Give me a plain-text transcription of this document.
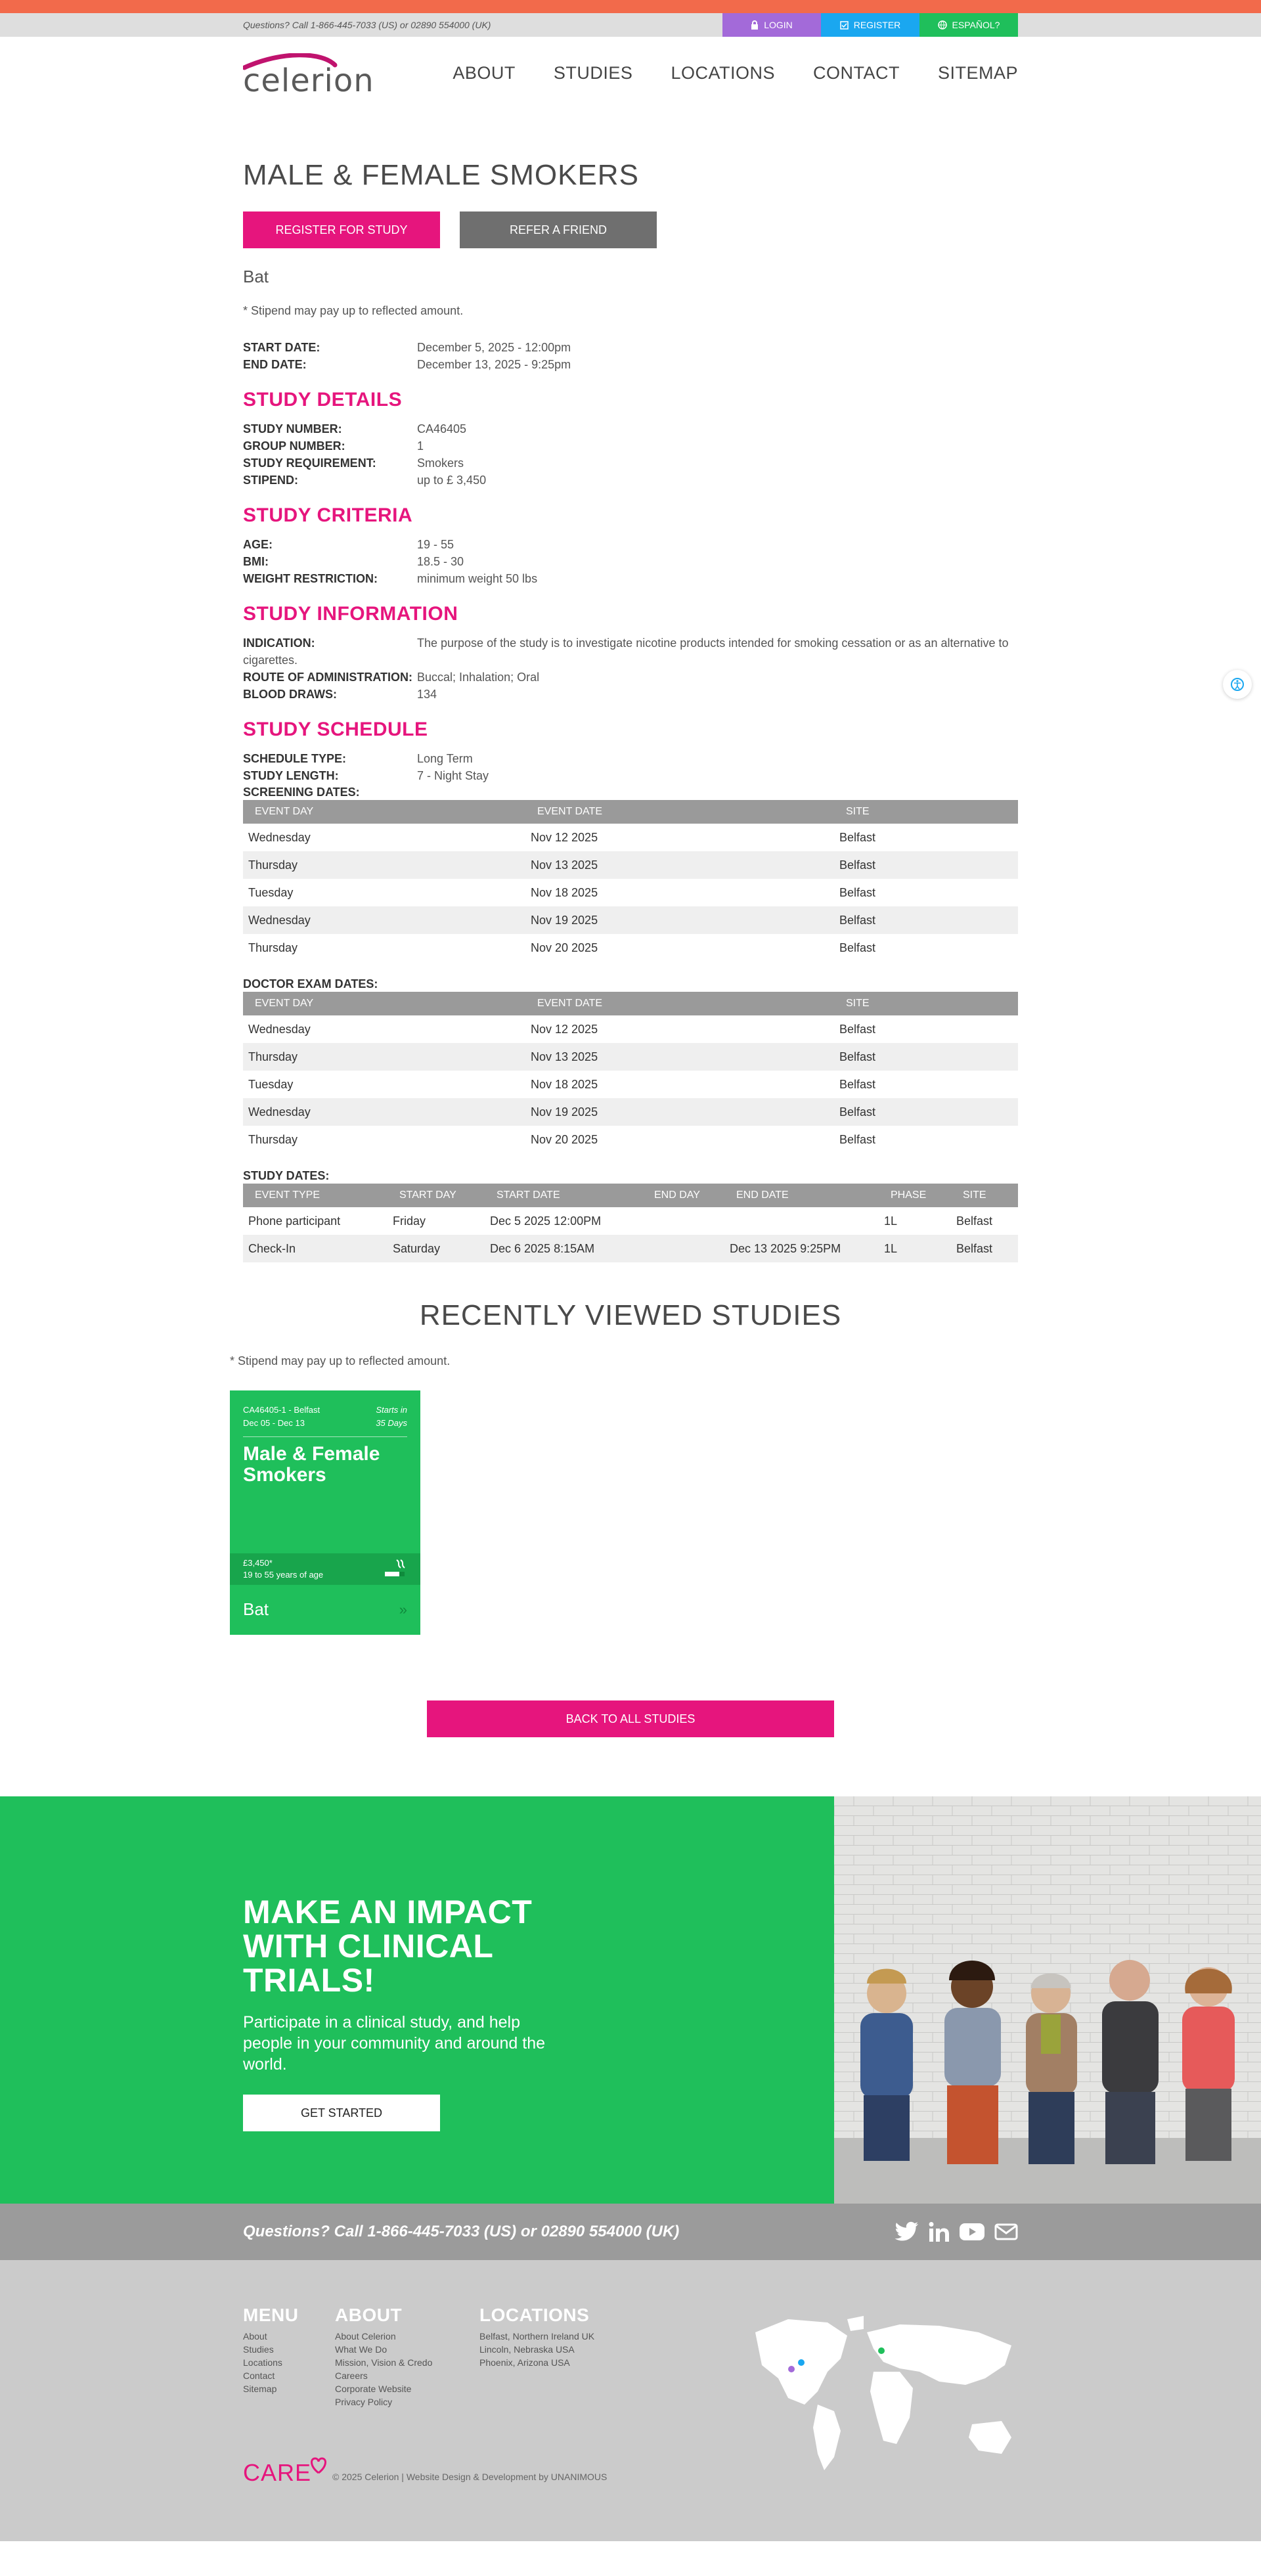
Questions? Call 1-866-445-7033 (US) or 02890 554000 (UK)	LOGIN	REGISTER	ESPAÑOL?
celerion	ABOUT STUDIES LOCATIONS CONTACT SITEMAP
MALE & FEMALE SMOKERS
REGISTER FOR STUDY	REFER A FRIEND
Bat
* Stipend may pay up to reflected amount.
START DATE:	December 5, 2025 - 12:00pm
END DATE:	December 13, 2025 - 9:25pm
STUDY DETAILS
STUDY NUMBER:	CA46405
GROUP NUMBER:	1
STUDY REQUIREMENT:	Smokers
STIPEND:	up to £ 3,450
STUDY CRITERIA
AGE:	19 - 55
BMI:	18.5 - 30
WEIGHT RESTRICTION:	minimum weight 50 lbs
STUDY INFORMATION
INDICATION:	The purpose of the study is to investigate nicotine products intended for smoking cessation or as an alternative to cigarettes.
ROUTE OF ADMINISTRATION: Buccal; Inhalation; Oral
BLOOD DRAWS:	134
STUDY SCHEDULE
SCHEDULE TYPE:	Long Term
STUDY LENGTH:	7 - Night Stay
SCREENING DATES:
EVENT DAY	EVENT DATE	SITE
Wednesday	Nov 12 2025	Belfast
Thursday	Nov 13 2025	Belfast
Tuesday	Nov 18 2025	Belfast
Wednesday	Nov 19 2025	Belfast
Thursday	Nov 20 2025	Belfast
DOCTOR EXAM DATES:
EVENT DAY	EVENT DATE	SITE
Wednesday	Nov 12 2025	Belfast
Thursday	Nov 13 2025	Belfast
Tuesday	Nov 18 2025	Belfast
Wednesday	Nov 19 2025	Belfast
Thursday	Nov 20 2025	Belfast
STUDY DATES:
EVENT TYPE	START DAY	START DATE	END DAY	END DATE	PHASE	SITE
Phone participant	Friday	Dec 5 2025 12:00PM			1L	Belfast
Check-In	Saturday	Dec 6 2025 8:15AM		Dec 13 2025 9:25PM	1L	Belfast
RECENTLY VIEWED STUDIES
* Stipend may pay up to reflected amount.
CA46405-1 - Belfast
Dec 05 - Dec 13
Starts in
35 Days
Male & Female Smokers
£3,450*
19 to 55 years of age
Bat	»
BACK TO ALL STUDIES
MAKE AN IMPACT WITH CLINICAL TRIALS!

Participate in a clinical study, and help people in your community and around the world.

GET STARTED
Questions? Call 1-866-445-7033 (US) or 02890 554000 (UK)
MENU
About
Studies
Locations
Contact
Sitemap
ABOUT
About Celerion
What We Do
Mission, Vision & Credo
Careers
Corporate Website
Privacy Policy
LOCATIONS
Belfast, Northern Ireland UK
Lincoln, Nebraska USA
Phoenix, Arizona USA
CARE © 2025 Celerion | Website Design & Development by UNANIMOUS
